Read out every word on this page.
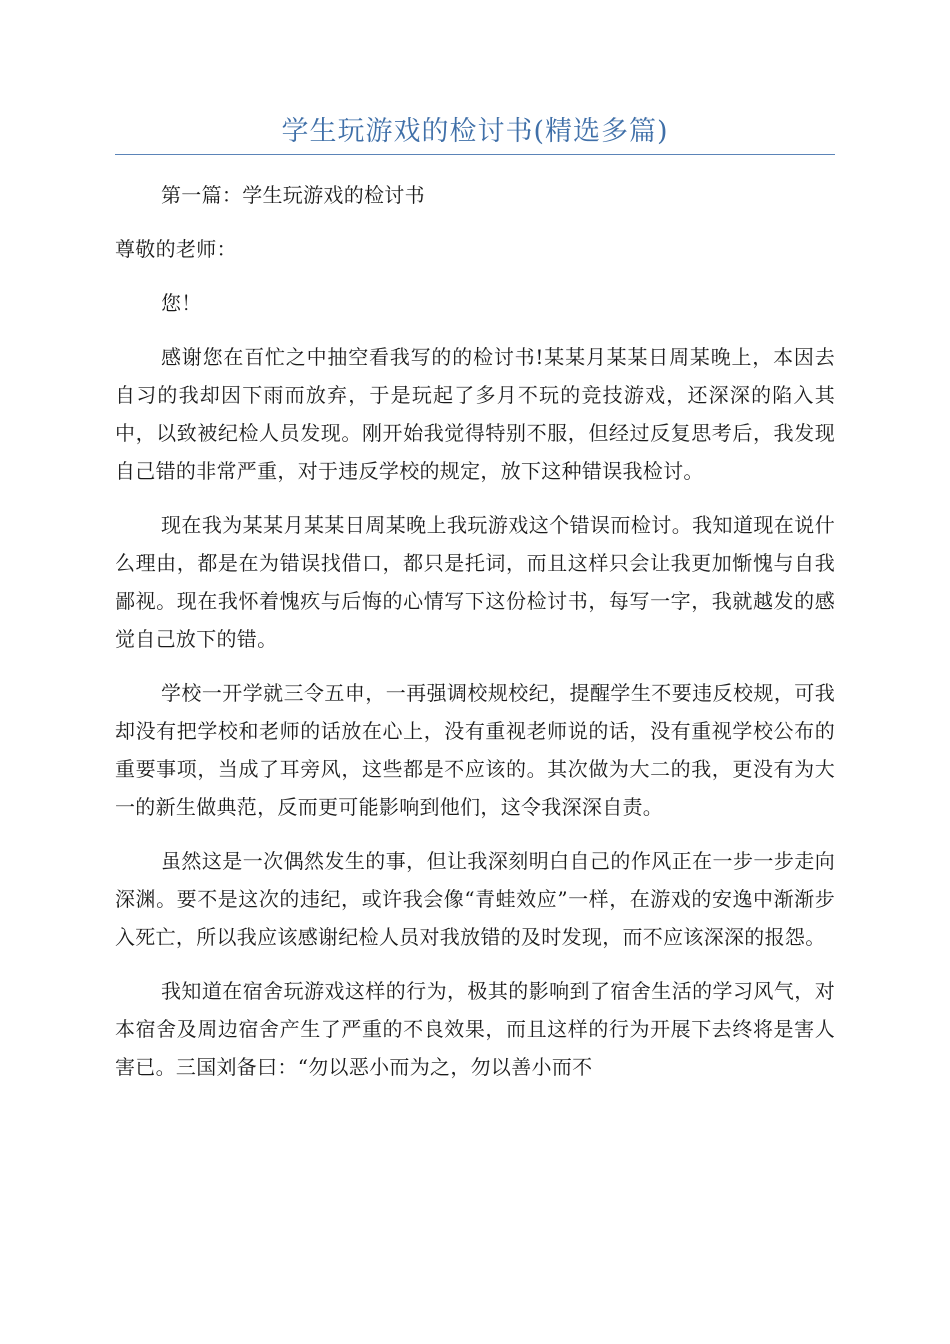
学生玩游戏的检讨书(精选多篇)

第一篇：学生玩游戏的检讨书

尊敬的老师：

您！

感谢您在百忙之中抽空看我写的的检讨书!某某月某某日周某晚上，本因去自习的我却因下雨而放弃，于是玩起了多月不玩的竞技游戏，还深深的陷入其中，以致被纪检人员发现。刚开始我觉得特别不服，但经过反复思考后，我发现自己错的非常严重，对于违反学校的规定，放下这种错误我检讨。

现在我为某某月某某日周某晚上我玩游戏这个错误而检讨。我知道现在说什么理由，都是在为错误找借口，都只是托词，而且这样只会让我更加惭愧与自我鄙视。现在我怀着愧疚与后悔的心情写下这份检讨书，每写一字，我就越发的感觉自己放下的错。

学校一开学就三令五申，一再强调校规校纪，提醒学生不要违反校规，可我却没有把学校和老师的话放在心上，没有重视老师说的话，没有重视学校公布的重要事项，当成了耳旁风，这些都是不应该的。其次做为大二的我，更没有为大一的新生做典范，反而更可能影响到他们，这令我深深自责。

虽然这是一次偶然发生的事，但让我深刻明白自己的作风正在一步一步走向深渊。要不是这次的违纪，或许我会像“青蛙效应”一样，在游戏的安逸中渐渐步入死亡，所以我应该感谢纪检人员对我放错的及时发现，而不应该深深的报怨。

我知道在宿舍玩游戏这样的行为，极其的影响到了宿舍生活的学习风气，对本宿舍及周边宿舍产生了严重的不良效果，而且这样的行为开展下去终将是害人害已。三国刘备曰：“勿以恶小而为之，勿以善小而不
